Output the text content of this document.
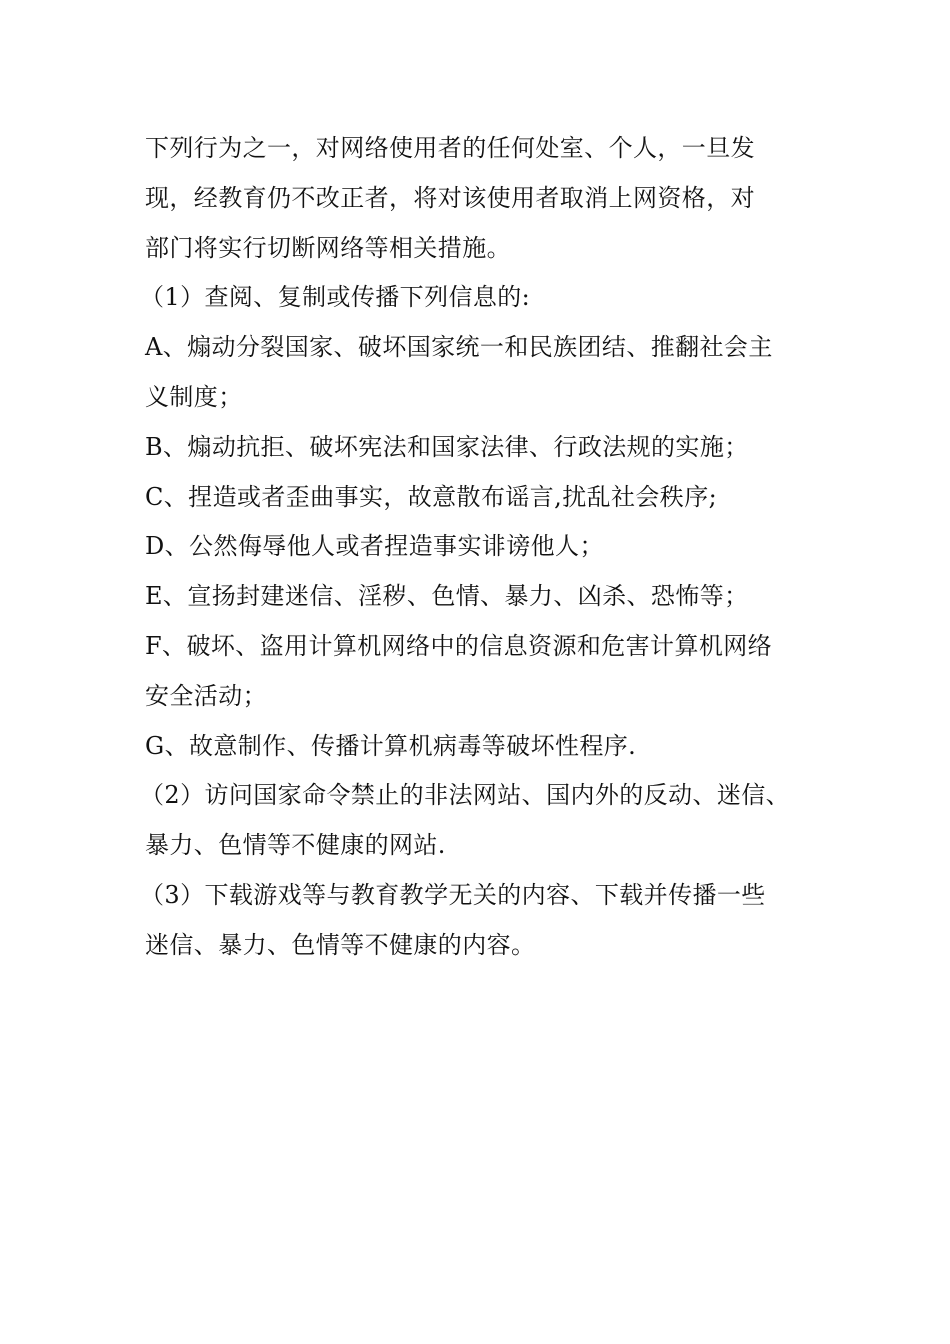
下列行为之一，对网络使用者的任何处室、个人，一旦发
现，经教育仍不改正者，将对该使用者取消上网资格，对
部门将实行切断网络等相关措施。
（1）查阅、复制或传播下列信息的:
A、煽动分裂国家、破坏国家统一和民族团结、推翻社会主
义制度；
B、煽动抗拒、破坏宪法和国家法律、行政法规的实施；
C、捏造或者歪曲事实，故意散布谣言,扰乱社会秩序;
D、公然侮辱他人或者捏造事实诽谤他人；
E、宣扬封建迷信、淫秽、色情、暴力、凶杀、恐怖等；
F、破坏、盗用计算机网络中的信息资源和危害计算机网络
安全活动；
G、故意制作、传播计算机病毒等破坏性程序.
（2）访问国家命令禁止的非法网站、国内外的反动、迷信、
暴力、色情等不健康的网站.
（3）下载游戏等与教育教学无关的内容、下载并传播一些
迷信、暴力、色情等不健康的内容。
